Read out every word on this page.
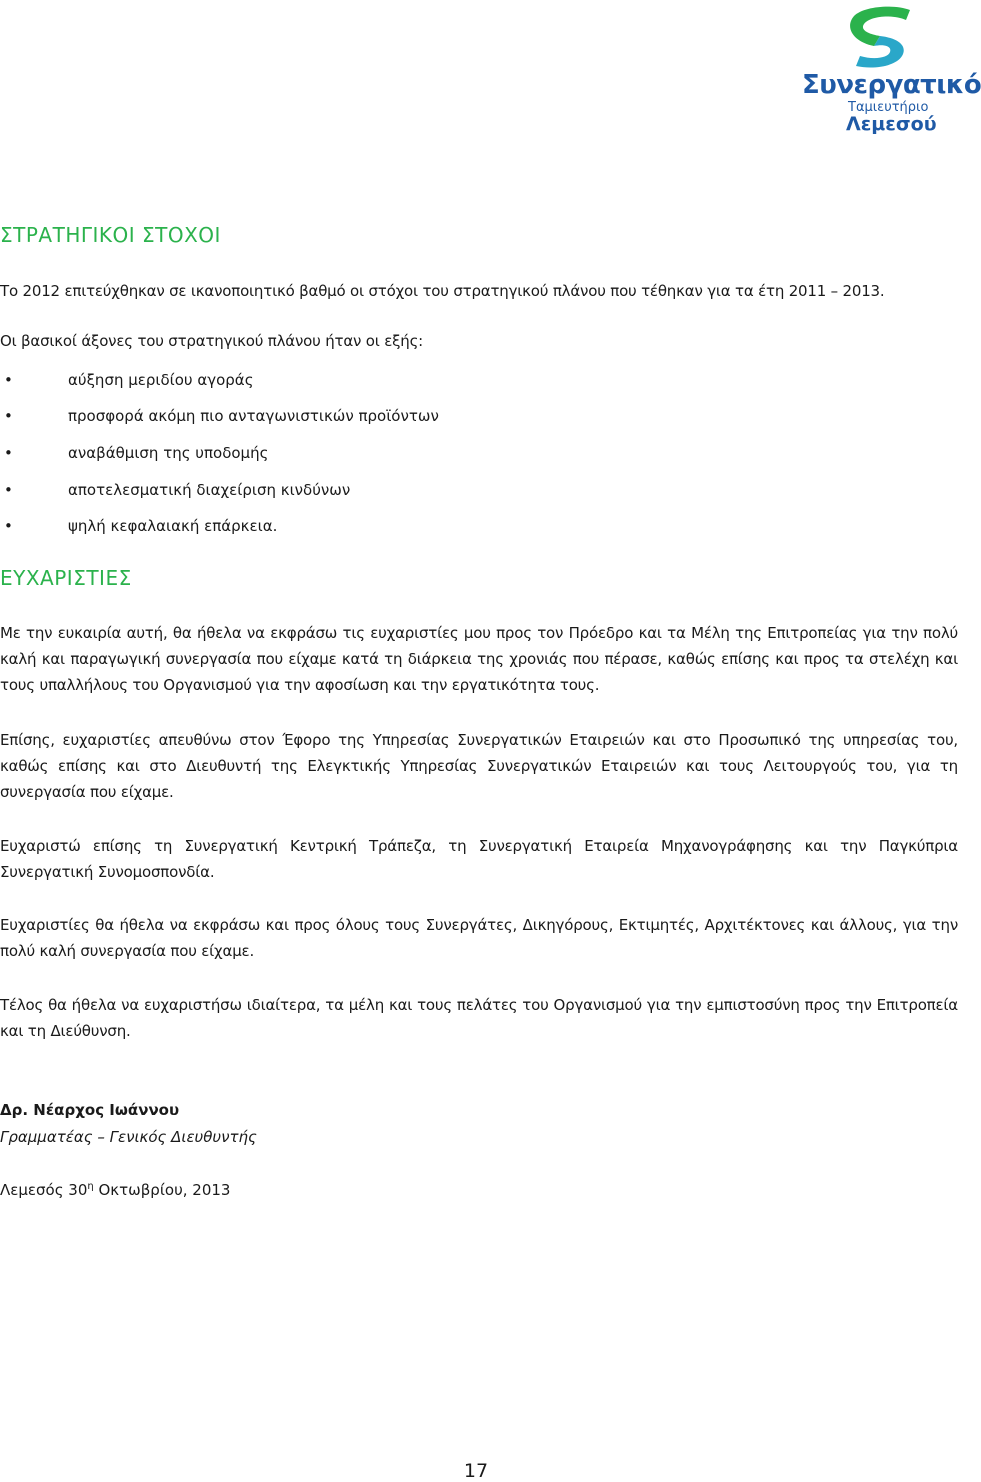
Συνεργατικό
Ταμιευτήριο
Λεμεσού
ΣΤΡΑΤΗΓΙΚΟΙ ΣΤΟΧΟΙ

Το 2012 επιτεύχθηκαν σε ικανοποιητικό βαθμό οι στόχοι του στρατηγικού πλάνου που τέθηκαν για τα έτη 2011 – 2013.

Οι βασικοί άξονες του στρατηγικού πλάνου ήταν οι εξής:

•	αύξηση μεριδίου αγοράς
•	προσφορά ακόμη πιο ανταγωνιστικών προϊόντων
•	αναβάθμιση της υποδομής
•	αποτελεσματική διαχείριση κινδύνων
•	ψηλή κεφαλαιακή επάρκεια.
ΕΥΧΑΡΙΣΤΙΕΣ

Με την ευκαιρία αυτή, θα ήθελα να εκφράσω τις ευχαριστίες μου προς τον Πρόεδρο και τα Μέλη της Επιτροπείας για την πολύ καλή και παραγωγική συνεργασία που είχαμε κατά τη διάρκεια της χρονιάς που πέρασε, καθώς επίσης και προς τα στελέχη και τους υπαλλήλους του Οργανισμού για την αφοσίωση και την εργατικότητα τους.

Επίσης, ευχαριστίες απευθύνω στον Έφορο της Υπηρεσίας Συνεργατικών Εταιρειών και στο Προσωπικό της υπηρεσίας του, καθώς επίσης και στο Διευθυντή της Ελεγκτικής Υπηρεσίας Συνεργατικών Εταιρειών και τους Λειτουργούς του, για τη συνεργασία που είχαμε.

Ευχαριστώ επίσης τη Συνεργατική Κεντρική Τράπεζα, τη Συνεργατική Εταιρεία Μηχανογράφησης και την Παγκύπρια Συνεργατική Συνομοσπονδία.

Ευχαριστίες θα ήθελα να εκφράσω και προς όλους τους Συνεργάτες, Δικηγόρους, Εκτιμητές, Αρχιτέκτονες και άλλους, για την πολύ καλή συνεργασία που είχαμε.

Τέλος θα ήθελα να ευχαριστήσω ιδιαίτερα, τα μέλη και τους πελάτες του Οργανισμού για την εμπιστοσύνη προς την Επιτροπεία και τη Διεύθυνση.

Δρ. Νέαρχος Ιωάννου
Γραμματέας – Γενικός Διευθυντής
Λεμεσός $30^\eta$ Οκτωβρίου, 2013
17
